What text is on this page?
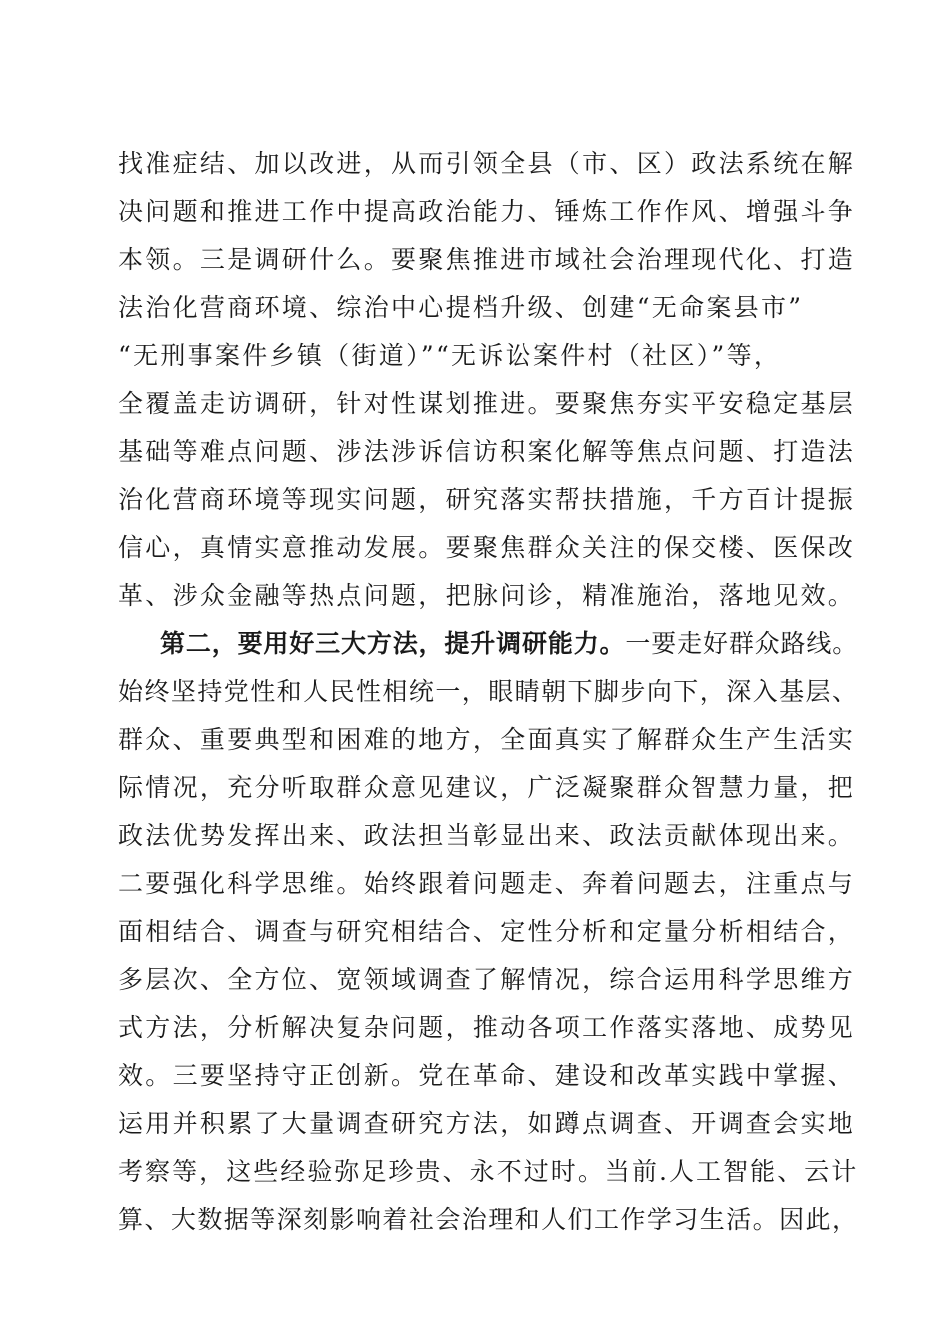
找准症结、加以改进，从而引领全县（市、区）政法系统在解
决问题和推进工作中提高政治能力、锤炼工作作风、增强斗争
本领。三是调研什么。要聚焦推进市域社会治理现代化、打造
法治化营商环境、综治中心提档升级、创建“无命案县市”
“无刑事案件乡镇（街道）”“无诉讼案件村（社区）”等，
全覆盖走访调研，针对性谋划推进。要聚焦夯实平安稳定基层
基础等难点问题、涉法涉诉信访积案化解等焦点问题、打造法
治化营商环境等现实问题，研究落实帮扶措施，千方百计提振
信心，真情实意推动发展。要聚焦群众关注的保交楼、医保改
革、涉众金融等热点问题，把脉问诊，精准施治，落地见效。
第二，要用好三大方法，提升调研能力。一要走好群众路线。
始终坚持党性和人民性相统一，眼睛朝下脚步向下，深入基层、
群众、重要典型和困难的地方，全面真实了解群众生产生活实
际情况，充分听取群众意见建议，广泛凝聚群众智慧力量，把
政法优势发挥出来、政法担当彰显出来、政法贡献体现出来。
二要强化科学思维。始终跟着问题走、奔着问题去，注重点与
面相结合、调查与研究相结合、定性分析和定量分析相结合，
多层次、全方位、宽领域调查了解情况，综合运用科学思维方
式方法，分析解决复杂问题，推动各项工作落实落地、成势见
效。三要坚持守正创新。党在革命、建设和改革实践中掌握、
运用并积累了大量调查研究方法，如蹲点调查、开调查会实地
考察等，这些经验弥足珍贵、永不过时。当前.人工智能、云计
算、大数据等深刻影响着社会治理和人们工作学习生活。因此，
